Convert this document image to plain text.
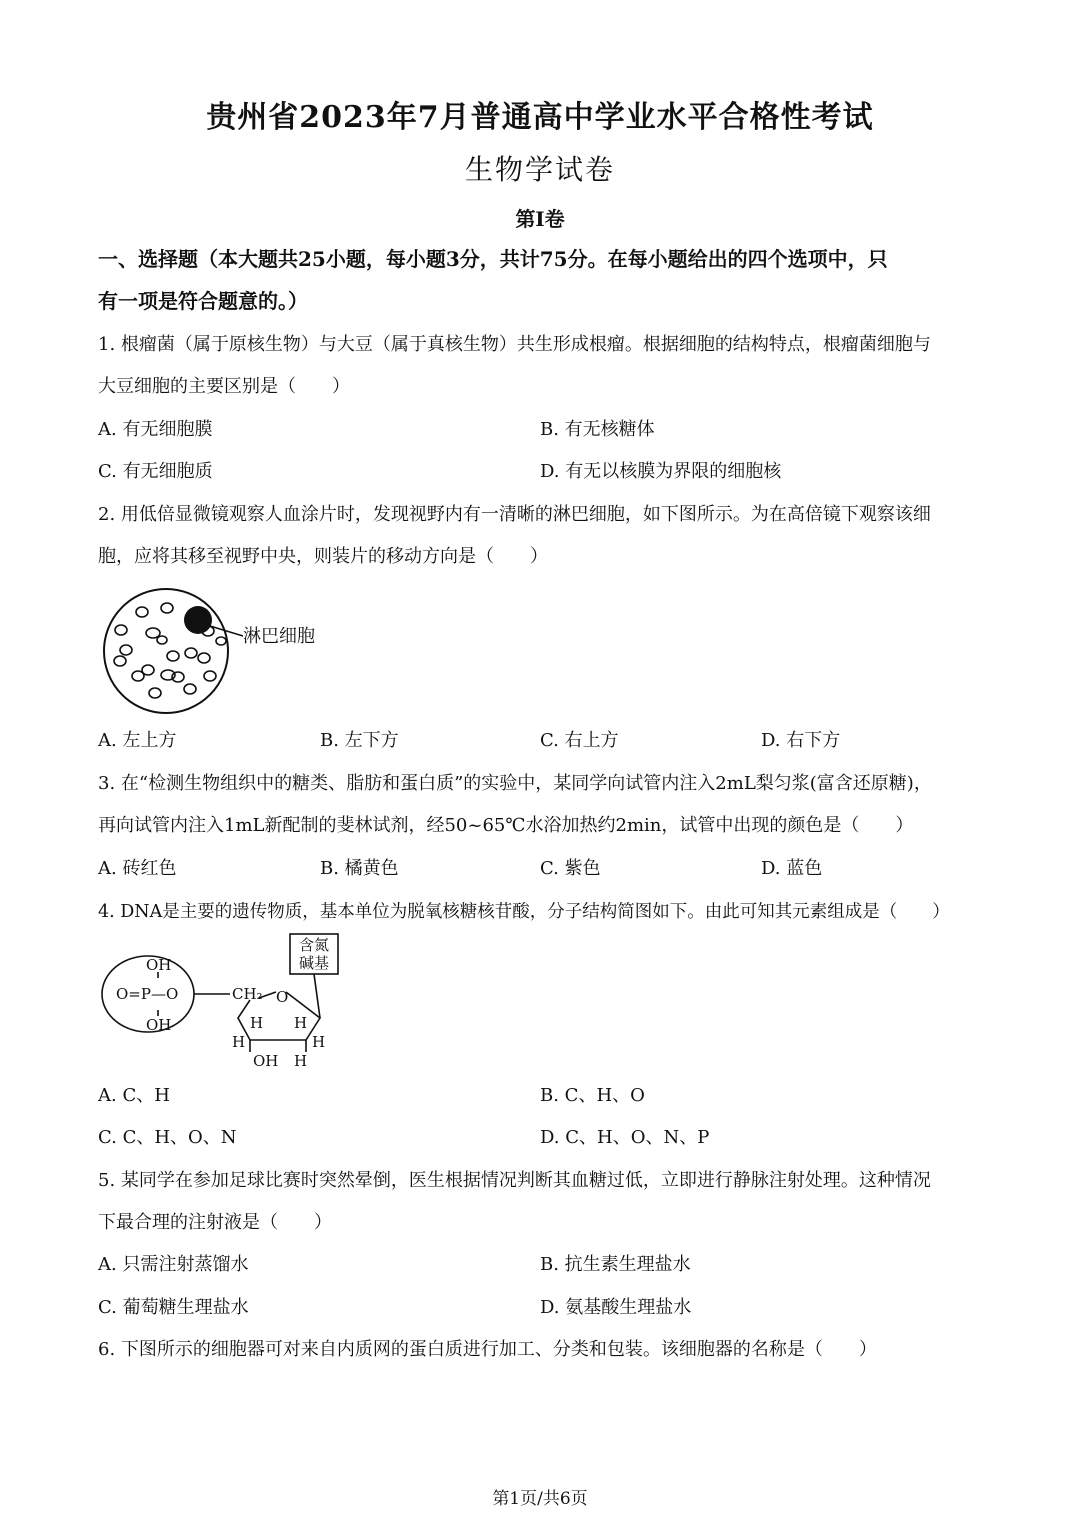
贵州省2023年7月普通高中学业水平合格性考试
生物学试卷
第I卷
一、选择题（本大题共25小题，每小题3分，共计75分。在每小题给出的四个选项中，只
有一项是符合题意的。）
1. 根瘤菌（属于原核生物）与大豆（属于真核生物）共生形成根瘤。根据细胞的结构特点，根瘤菌细胞与
大豆细胞的主要区别是（　　）
A. 有无细胞膜	B. 有无核糖体
C. 有无细胞质	D. 有无以核膜为界限的细胞核
2. 用低倍显微镜观察人血涂片时，发现视野内有一清晰的淋巴细胞，如下图所示。为在高倍镜下观察该细
胞，应将其移至视野中央，则装片的移动方向是（　　）
淋巴细胞
A. 左上方	B. 左下方	C. 右上方	D. 右下方
3. 在“检测生物组织中的糖类、脂肪和蛋白质”的实验中，某同学向试管内注入2mL梨匀浆(富含还原糖)，
再向试管内注入1mL新配制的斐林试剂，经50~65℃水浴加热约2min，试管中出现的颜色是（　　）
A. 砖红色	B. 橘黄色	C. 紫色	D. 蓝色
4. DNA是主要的遗传物质，基本单位为脱氧核糖核苷酸，分子结构简图如下。由此可知其元素组成是（　　）
含氮
碱基
OH
O=P—O
OH
CH₂ O
H H
H	H
OH H
A. C、H	B. C、H、O
C. C、H、O、N	D. C、H、O、N、P
5. 某同学在参加足球比赛时突然晕倒，医生根据情况判断其血糖过低，立即进行静脉注射处理。这种情况
下最合理的注射液是（　　）
A. 只需注射蒸馏水	B. 抗生素生理盐水
C. 葡萄糖生理盐水	D. 氨基酸生理盐水
6. 下图所示的细胞器可对来自内质网的蛋白质进行加工、分类和包装。该细胞器的名称是（　　）
第1页/共6页
